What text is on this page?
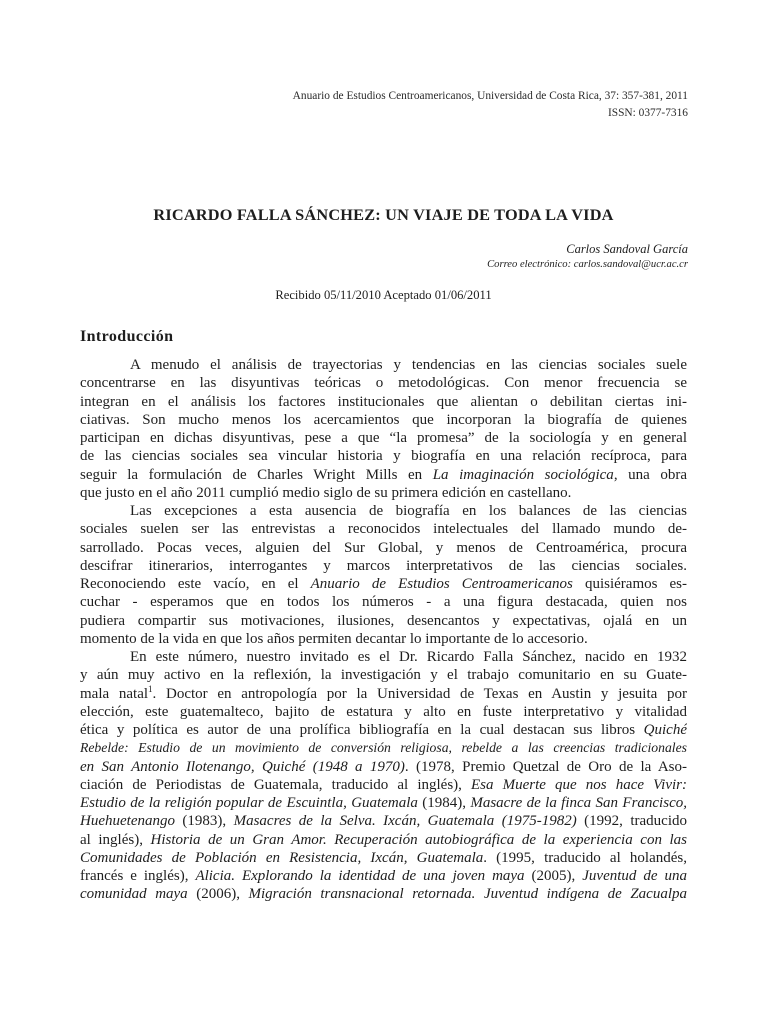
Anuario de Estudios Centroamericanos, Universidad de Costa Rica, 37: 357-381, 2011
ISSN: 0377-7316
RICARDO FALLA SÁNCHEZ: UN VIAJE DE TODA LA VIDA
Carlos Sandoval García
Correo electrónico: carlos.sandoval@ucr.ac.cr
Recibido 05/11/2010 Aceptado 01/06/2011
Introducción
A menudo el análisis de trayectorias y tendencias en las ciencias sociales suele
concentrarse en las disyuntivas teóricas o metodológicas. Con menor frecuencia se
integran en el análisis los factores institucionales que alientan o debilitan ciertas ini-
ciativas. Son mucho menos los acercamientos que incorporan la biografía de quienes
participan en dichas disyuntivas, pese a que “la promesa” de la sociología y en general
de las ciencias sociales sea vincular historia y biografía en una relación recíproca, para
seguir la formulación de Charles Wright Mills en La imaginación sociológica, una obra
que justo en el año 2011 cumplió medio siglo de su primera edición en castellano.
Las excepciones a esta ausencia de biografía en los balances de las ciencias
sociales suelen ser las entrevistas a reconocidos intelectuales del llamado mundo de-
sarrollado. Pocas veces, alguien del Sur Global, y menos de Centroamérica, procura
descifrar itinerarios, interrogantes y marcos interpretativos de las ciencias sociales.
Reconociendo este vacío, en el Anuario de Estudios Centroamericanos quisiéramos es-
cuchar - esperamos que en todos los números - a una figura destacada, quien nos
pudiera compartir sus motivaciones, ilusiones, desencantos y expectativas, ojalá en un
momento de la vida en que los años permiten decantar lo importante de lo accesorio.
En este número, nuestro invitado es el Dr. Ricardo Falla Sánchez, nacido en 1932
y aún muy activo en la reflexión, la investigación y el trabajo comunitario en su Guate-
mala natal$^1$. Doctor en antropología por la Universidad de Texas en Austin y jesuita por
elección, este guatemalteco, bajito de estatura y alto en fuste interpretativo y vitalidad
ética y política es autor de una prolífica bibliografía en la cual destacan sus libros Quiché
Rebelde: Estudio de un movimiento de conversión religiosa, rebelde a las creencias tradicionales
en San Antonio Ilotenango, Quiché (1948 a 1970). (1978, Premio Quetzal de Oro de la Aso-
ciación de Periodistas de Guatemala, traducido al inglés), Esa Muerte que nos hace Vivir:
Estudio de la religión popular de Escuintla, Guatemala (1984), Masacre de la finca San Francisco,
Huehuetenango (1983), Masacres de la Selva. Ixcán, Guatemala (1975-1982) (1992, traducido
al inglés), Historia de un Gran Amor. Recuperación autobiográfica de la experiencia con las
Comunidades de Población en Resistencia, Ixcán, Guatemala. (1995, traducido al holandés,
francés e inglés), Alicia. Explorando la identidad de una joven maya (2005), Juventud de una
comunidad maya (2006), Migración transnacional retornada. Juventud indígena de Zacualpa
